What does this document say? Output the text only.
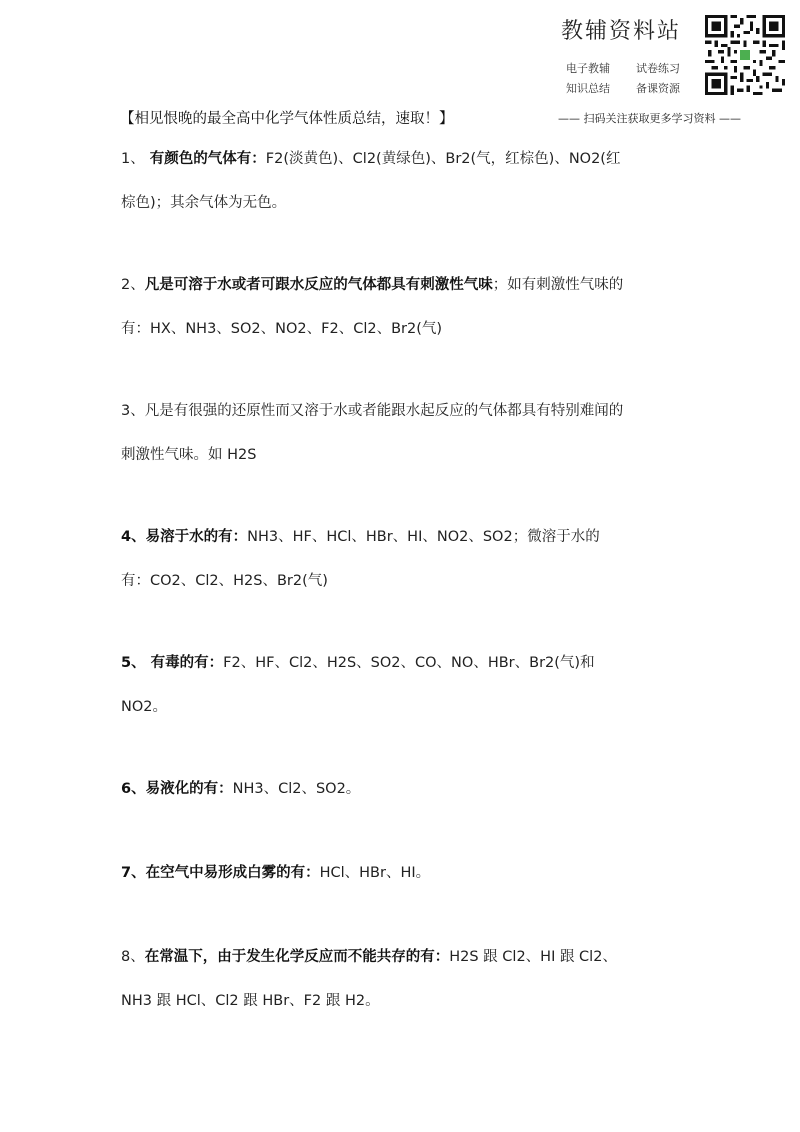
教辅资料站
电子教辅 试卷练习
知识总结 备课资源
—— 扫码关注获取更多学习资料 ——
【相见恨晚的最全高中化学气体性质总结，速取！】
1、 有颜色的气体有：F2(淡黄色)、Cl2(黄绿色)、Br2(气，红棕色)、NO2(红
棕色)；其余气体为无色。
2、凡是可溶于水或者可跟水反应的气体都具有刺激性气味；如有刺激性气味的
有：HX、NH3、SO2、NO2、F2、Cl2、Br2(气)
3、凡是有很强的还原性而又溶于水或者能跟水起反应的气体都具有特别难闻的
刺激性气味。如 H2S
4、易溶于水的有：NH3、HF、HCl、HBr、HI、NO2、SO2；微溶于水的
有：CO2、Cl2、H2S、Br2(气)
5、 有毒的有：F2、HF、Cl2、H2S、SO2、CO、NO、HBr、Br2(气)和
NO2。
6、易液化的有：NH3、Cl2、SO2。
7、在空气中易形成白雾的有：HCl、HBr、HI。
8、在常温下，由于发生化学反应而不能共存的有：H2S 跟 Cl2、HI 跟 Cl2、
NH3 跟 HCl、Cl2 跟 HBr、F2 跟 H2。
